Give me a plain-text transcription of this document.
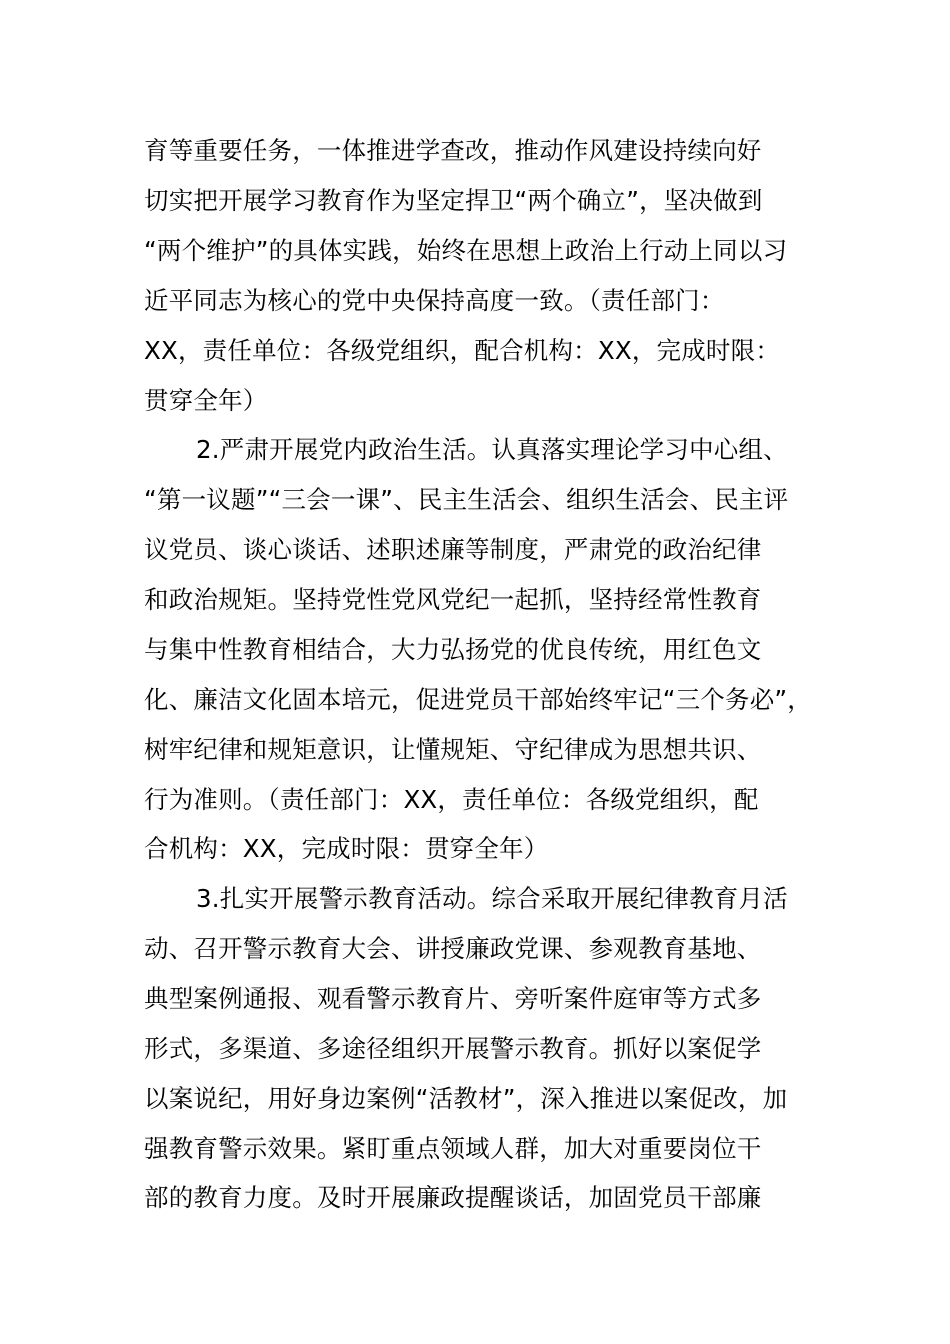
育等重要任务，一体推进学查改，推动作风建设持续向好
切实把开展学习教育作为坚定捍卫“两个确立”，坚决做到
“两个维护”的具体实践，始终在思想上政治上行动上同以习
近平同志为核心的党中央保持高度一致。（责任部门：
XX，责任单位：各级党组织，配合机构：XX，完成时限：
贯穿全年）
2.严肃开展党内政治生活。认真落实理论学习中心组、
“第一议题”“三会一课”、民主生活会、组织生活会、民主评
议党员、谈心谈话、述职述廉等制度，严肃党的政治纪律
和政治规矩。坚持党性党风党纪一起抓，坚持经常性教育
与集中性教育相结合，大力弘扬党的优良传统，用红色文
化、廉洁文化固本培元，促进党员干部始终牢记“三个务必”，
树牢纪律和规矩意识，让懂规矩、守纪律成为思想共识、
行为准则。（责任部门：XX，责任单位：各级党组织，配
合机构：XX，完成时限：贯穿全年）
3.扎实开展警示教育活动。综合采取开展纪律教育月活
动、召开警示教育大会、讲授廉政党课、参观教育基地、
典型案例通报、观看警示教育片、旁听案件庭审等方式多
形式，多渠道、多途径组织开展警示教育。抓好以案促学
以案说纪，用好身边案例“活教材”，深入推进以案促改，加
强教育警示效果。紧盯重点领域人群，加大对重要岗位干
部的教育力度。及时开展廉政提醒谈话，加固党员干部廉
